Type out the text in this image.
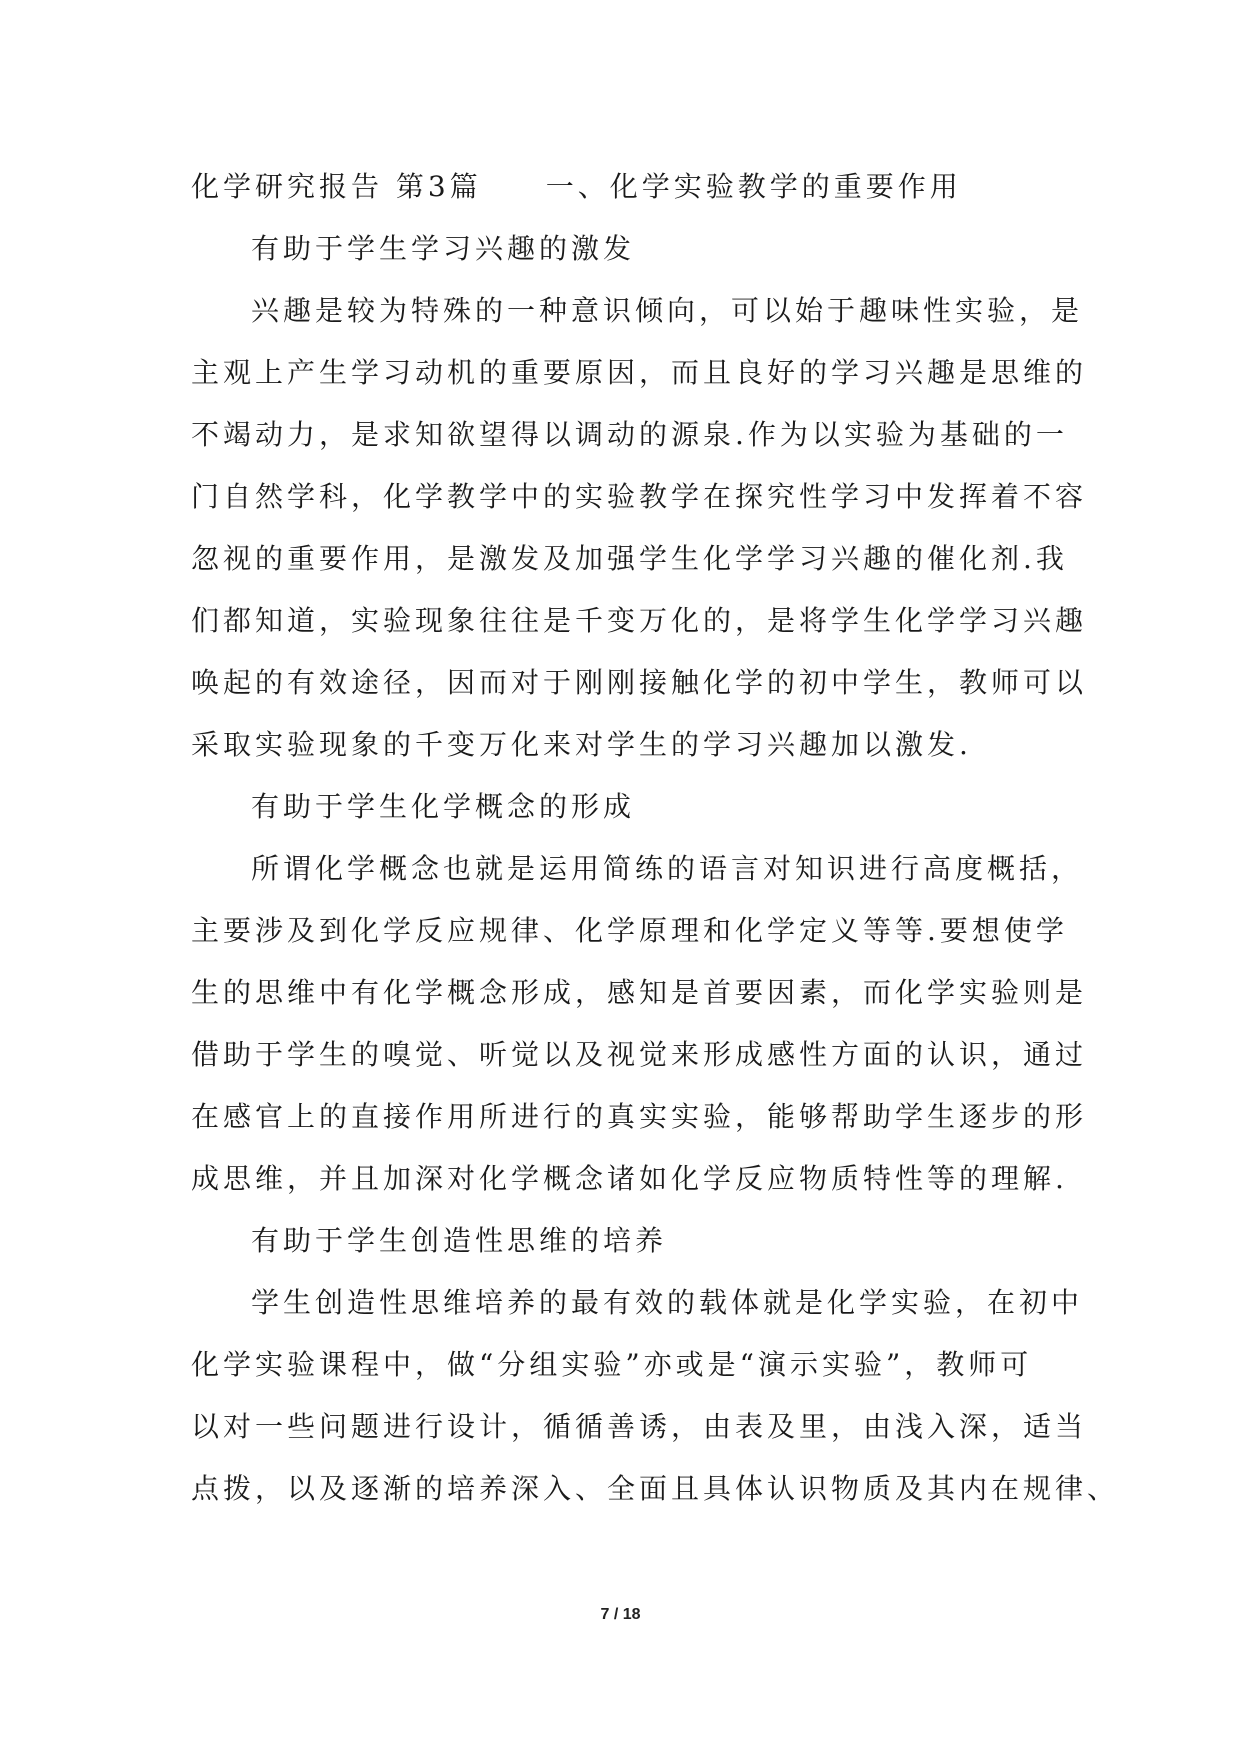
化学研究报告 第3篇 一、化学实验教学的重要作用
有助于学生学习兴趣的激发
兴趣是较为特殊的一种意识倾向，可以始于趣味性实验，是
主观上产生学习动机的重要原因，而且良好的学习兴趣是思维的
不竭动力，是求知欲望得以调动的源泉.作为以实验为基础的一
门自然学科，化学教学中的实验教学在探究性学习中发挥着不容
忽视的重要作用，是激发及加强学生化学学习兴趣的催化剂.我
们都知道，实验现象往往是千变万化的，是将学生化学学习兴趣
唤起的有效途径，因而对于刚刚接触化学的初中学生，教师可以
采取实验现象的千变万化来对学生的学习兴趣加以激发.
有助于学生化学概念的形成
所谓化学概念也就是运用简练的语言对知识进行高度概括，
主要涉及到化学反应规律、化学原理和化学定义等等.要想使学
生的思维中有化学概念形成，感知是首要因素，而化学实验则是
借助于学生的嗅觉、听觉以及视觉来形成感性方面的认识，通过
在感官上的直接作用所进行的真实实验，能够帮助学生逐步的形
成思维，并且加深对化学概念诸如化学反应物质特性等的理解.
有助于学生创造性思维的培养
学生创造性思维培养的最有效的载体就是化学实验，在初中
化学实验课程中，做“分组实验”亦或是“演示实验”，教师可
以对一些问题进行设计，循循善诱，由表及里，由浅入深，适当
点拨，以及逐渐的培养深入、全面且具体认识物质及其内在规律、
7 / 18
